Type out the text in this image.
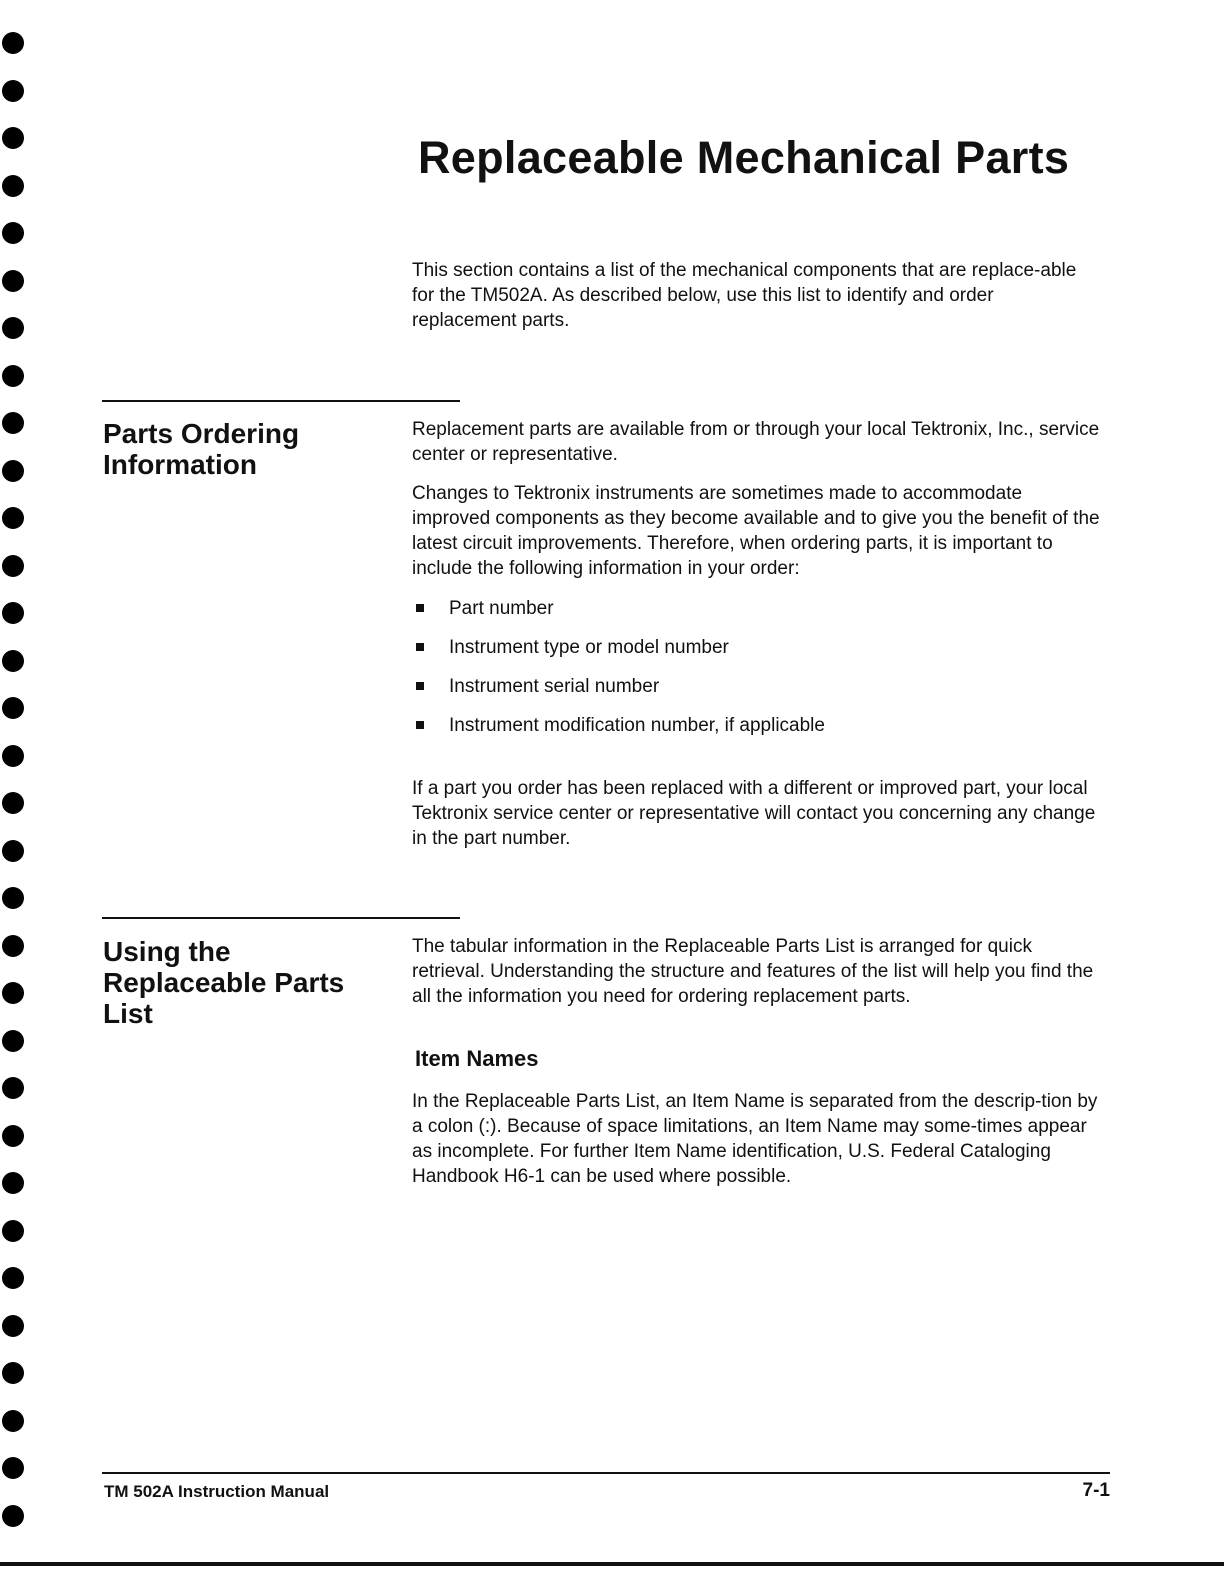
Replaceable Mechanical Parts

This section contains a list of the mechanical components that are replace-able for the TM502A. As described below, use this list to identify and order replacement parts.

Parts Ordering
Information

Replacement parts are available from or through your local Tektronix, Inc., service center or representative.

Changes to Tektronix instruments are sometimes made to accommodate improved components as they become available and to give you the benefit of the latest circuit improvements. Therefore, when ordering parts, it is important to include the following information in your order:

Part number
Instrument type or model number
Instrument serial number
Instrument modification number, if applicable

If a part you order has been replaced with a different or improved part, your local Tektronix service center or representative will contact you concerning any change in the part number.

Using the
Replaceable Parts
List

The tabular information in the Replaceable Parts List is arranged for quick retrieval. Understanding the structure and features of the list will help you find the all the information you need for ordering replacement parts.

Item Names

In the Replaceable Parts List, an Item Name is separated from the descrip-tion by a colon (:). Because of space limitations, an Item Name may some-times appear as incomplete. For further Item Name identification, U.S. Federal Cataloging Handbook H6-1 can be used where possible.

TM 502A Instruction Manual	7-1
